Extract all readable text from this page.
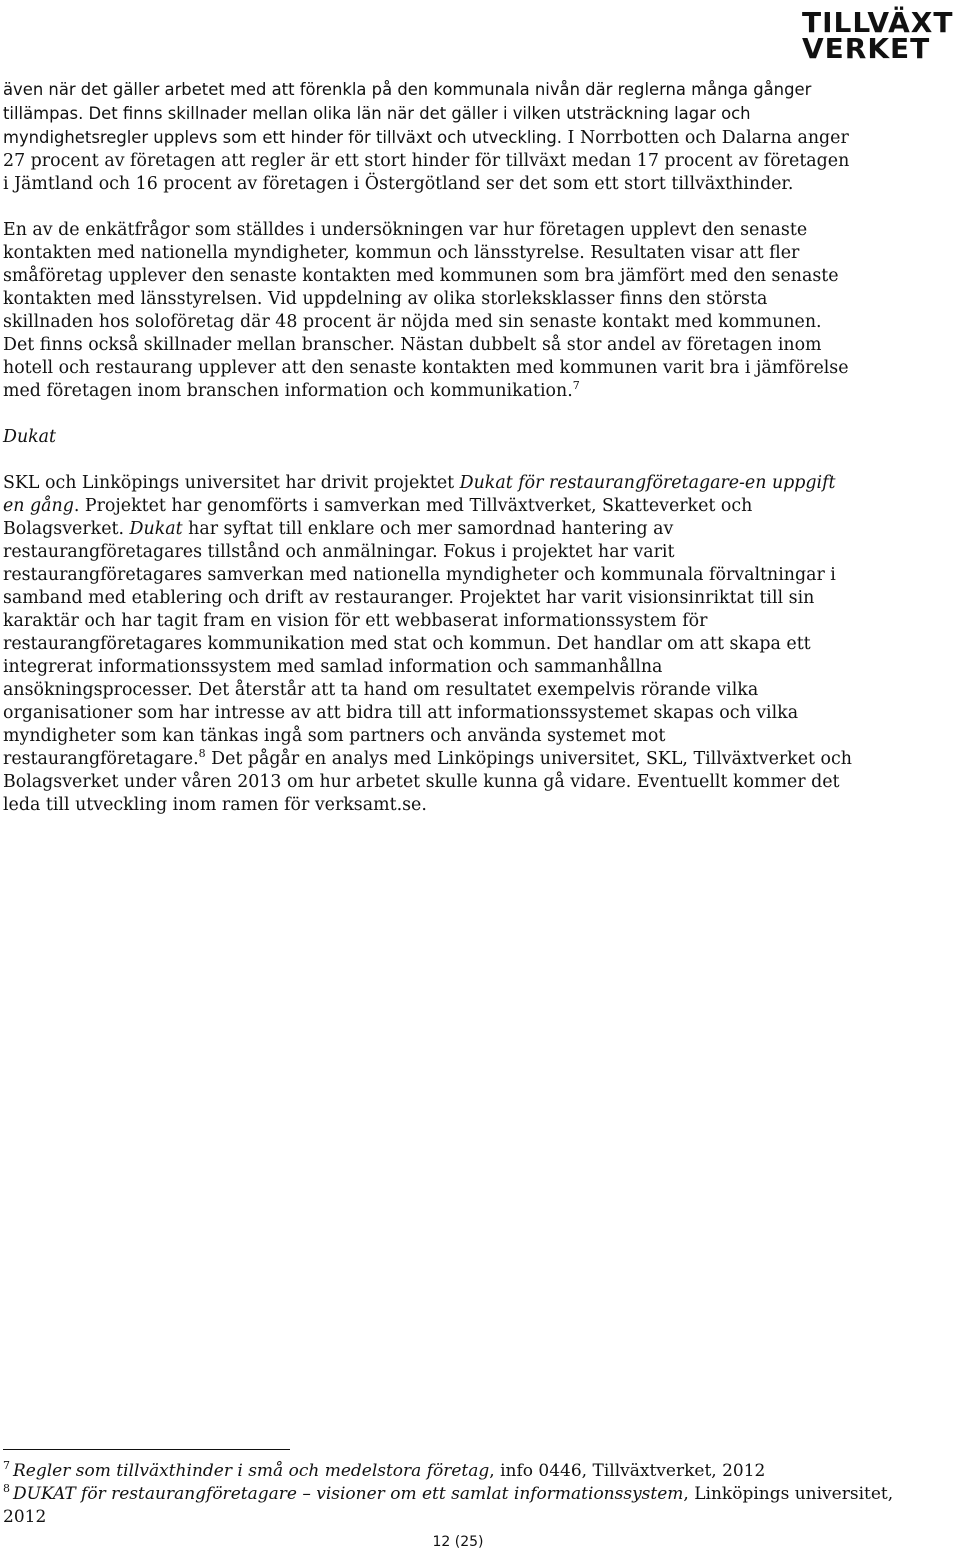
TILLVÄXT
VERKET

även när det gäller arbetet med att förenkla på den kommunala nivån där reglerna många gånger tillämpas. Det finns skillnader mellan olika län när det gäller i vilken utsträckning lagar och myndighetsregler upplevs som ett hinder för tillväxt och utveckling. I Norrbotten och Dalarna anger 27 procent av företagen att regler är ett stort hinder för tillväxt medan 17 procent av företagen i Jämtland och 16 procent av företagen i Östergötland ser det som ett stort tillväxthinder.

En av de enkätfrågor som ställdes i undersökningen var hur företagen upplevt den senaste kontakten med nationella myndigheter, kommun och länsstyrelse. Resultaten visar att fler småföretag upplever den senaste kontakten med kommunen som bra jämfört med den senaste kontakten med länsstyrelsen. Vid uppdelning av olika storleksklasser finns den största skillnaden hos soloföretag där 48 procent är nöjda med sin senaste kontakt med kommunen. Det finns också skillnader mellan branscher. Nästan dubbelt så stor andel av företagen inom hotell och restaurang upplever att den senaste kontakten med kommunen varit bra i jämförelse med företagen inom branschen information och kommunikation.$^7$

Dukat

SKL och Linköpings universitet har drivit projektet Dukat för restaurangföretagare-en uppgift en gång. Projektet har genomförts i samverkan med Tillväxtverket, Skatteverket och Bolagsverket. Dukat har syftat till enklare och mer samordnad hantering av restaurangföretagares tillstånd och anmälningar. Fokus i projektet har varit restaurangföretagares samverkan med nationella myndigheter och kommunala förvaltningar i samband med etablering och drift av restauranger. Projektet har varit visionsinriktat till sin karaktär och har tagit fram en vision för ett webbaserat informationssystem för restaurangföretagares kommunikation med stat och kommun. Det handlar om att skapa ett integrerat informationssystem med samlad information och sammanhållna ansökningsprocesser. Det återstår att ta hand om resultatet exempelvis rörande vilka organisationer som har intresse av att bidra till att informationssystemet skapas och vilka myndigheter som kan tänkas ingå som partners och använda systemet mot restaurangföretagare.$^8$ Det pågår en analys med Linköpings universitet, SKL, Tillväxtverket och Bolagsverket under våren 2013 om hur arbetet skulle kunna gå vidare. Eventuellt kommer det leda till utveckling inom ramen för verksamt.se.

$^7$ Regler som tillväxthinder i små och medelstora företag, info 0446, Tillväxtverket, 2012

$^8$ DUKAT för restaurangföretagare – visioner om ett samlat informationssystem, Linköpings universitet, 2012

12 (25)
